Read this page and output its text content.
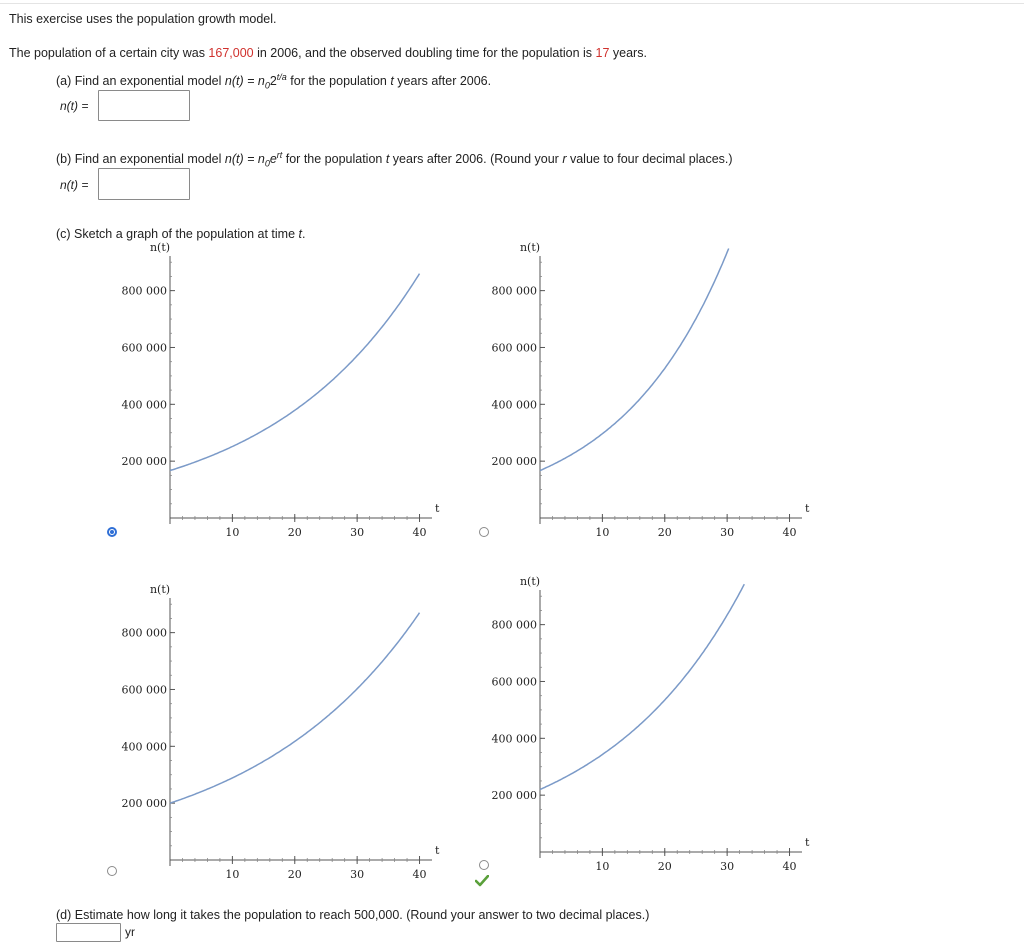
This exercise uses the population growth model.
The population of a certain city was 167,000 in 2006, and the observed doubling time for the population is 17 years.
(a) Find an exponential model $n(t) = n_02^{t/a}$ for the population t years after 2006.
n(t) =
(b) Find an exponential model $n(t) = n_0e^{rt}$ for the population t years after 2006. (Round your r value to four decimal places.)
n(t) =
(c) Sketch a graph of the population at time t.
n(t)
t
10	20	30	40
200 000
400 000
600 000
800 000
n(t)
t
10	20	30	40
200 000
400 000
600 000
800 000
n(t)
t
10	20	30	40
200 000
400 000
600 000
800 000
n(t)
t
10	20	30	40
200 000
400 000
600 000
800 000
(d) Estimate how long it takes the population to reach 500,000. (Round your answer to two decimal places.)
yr
